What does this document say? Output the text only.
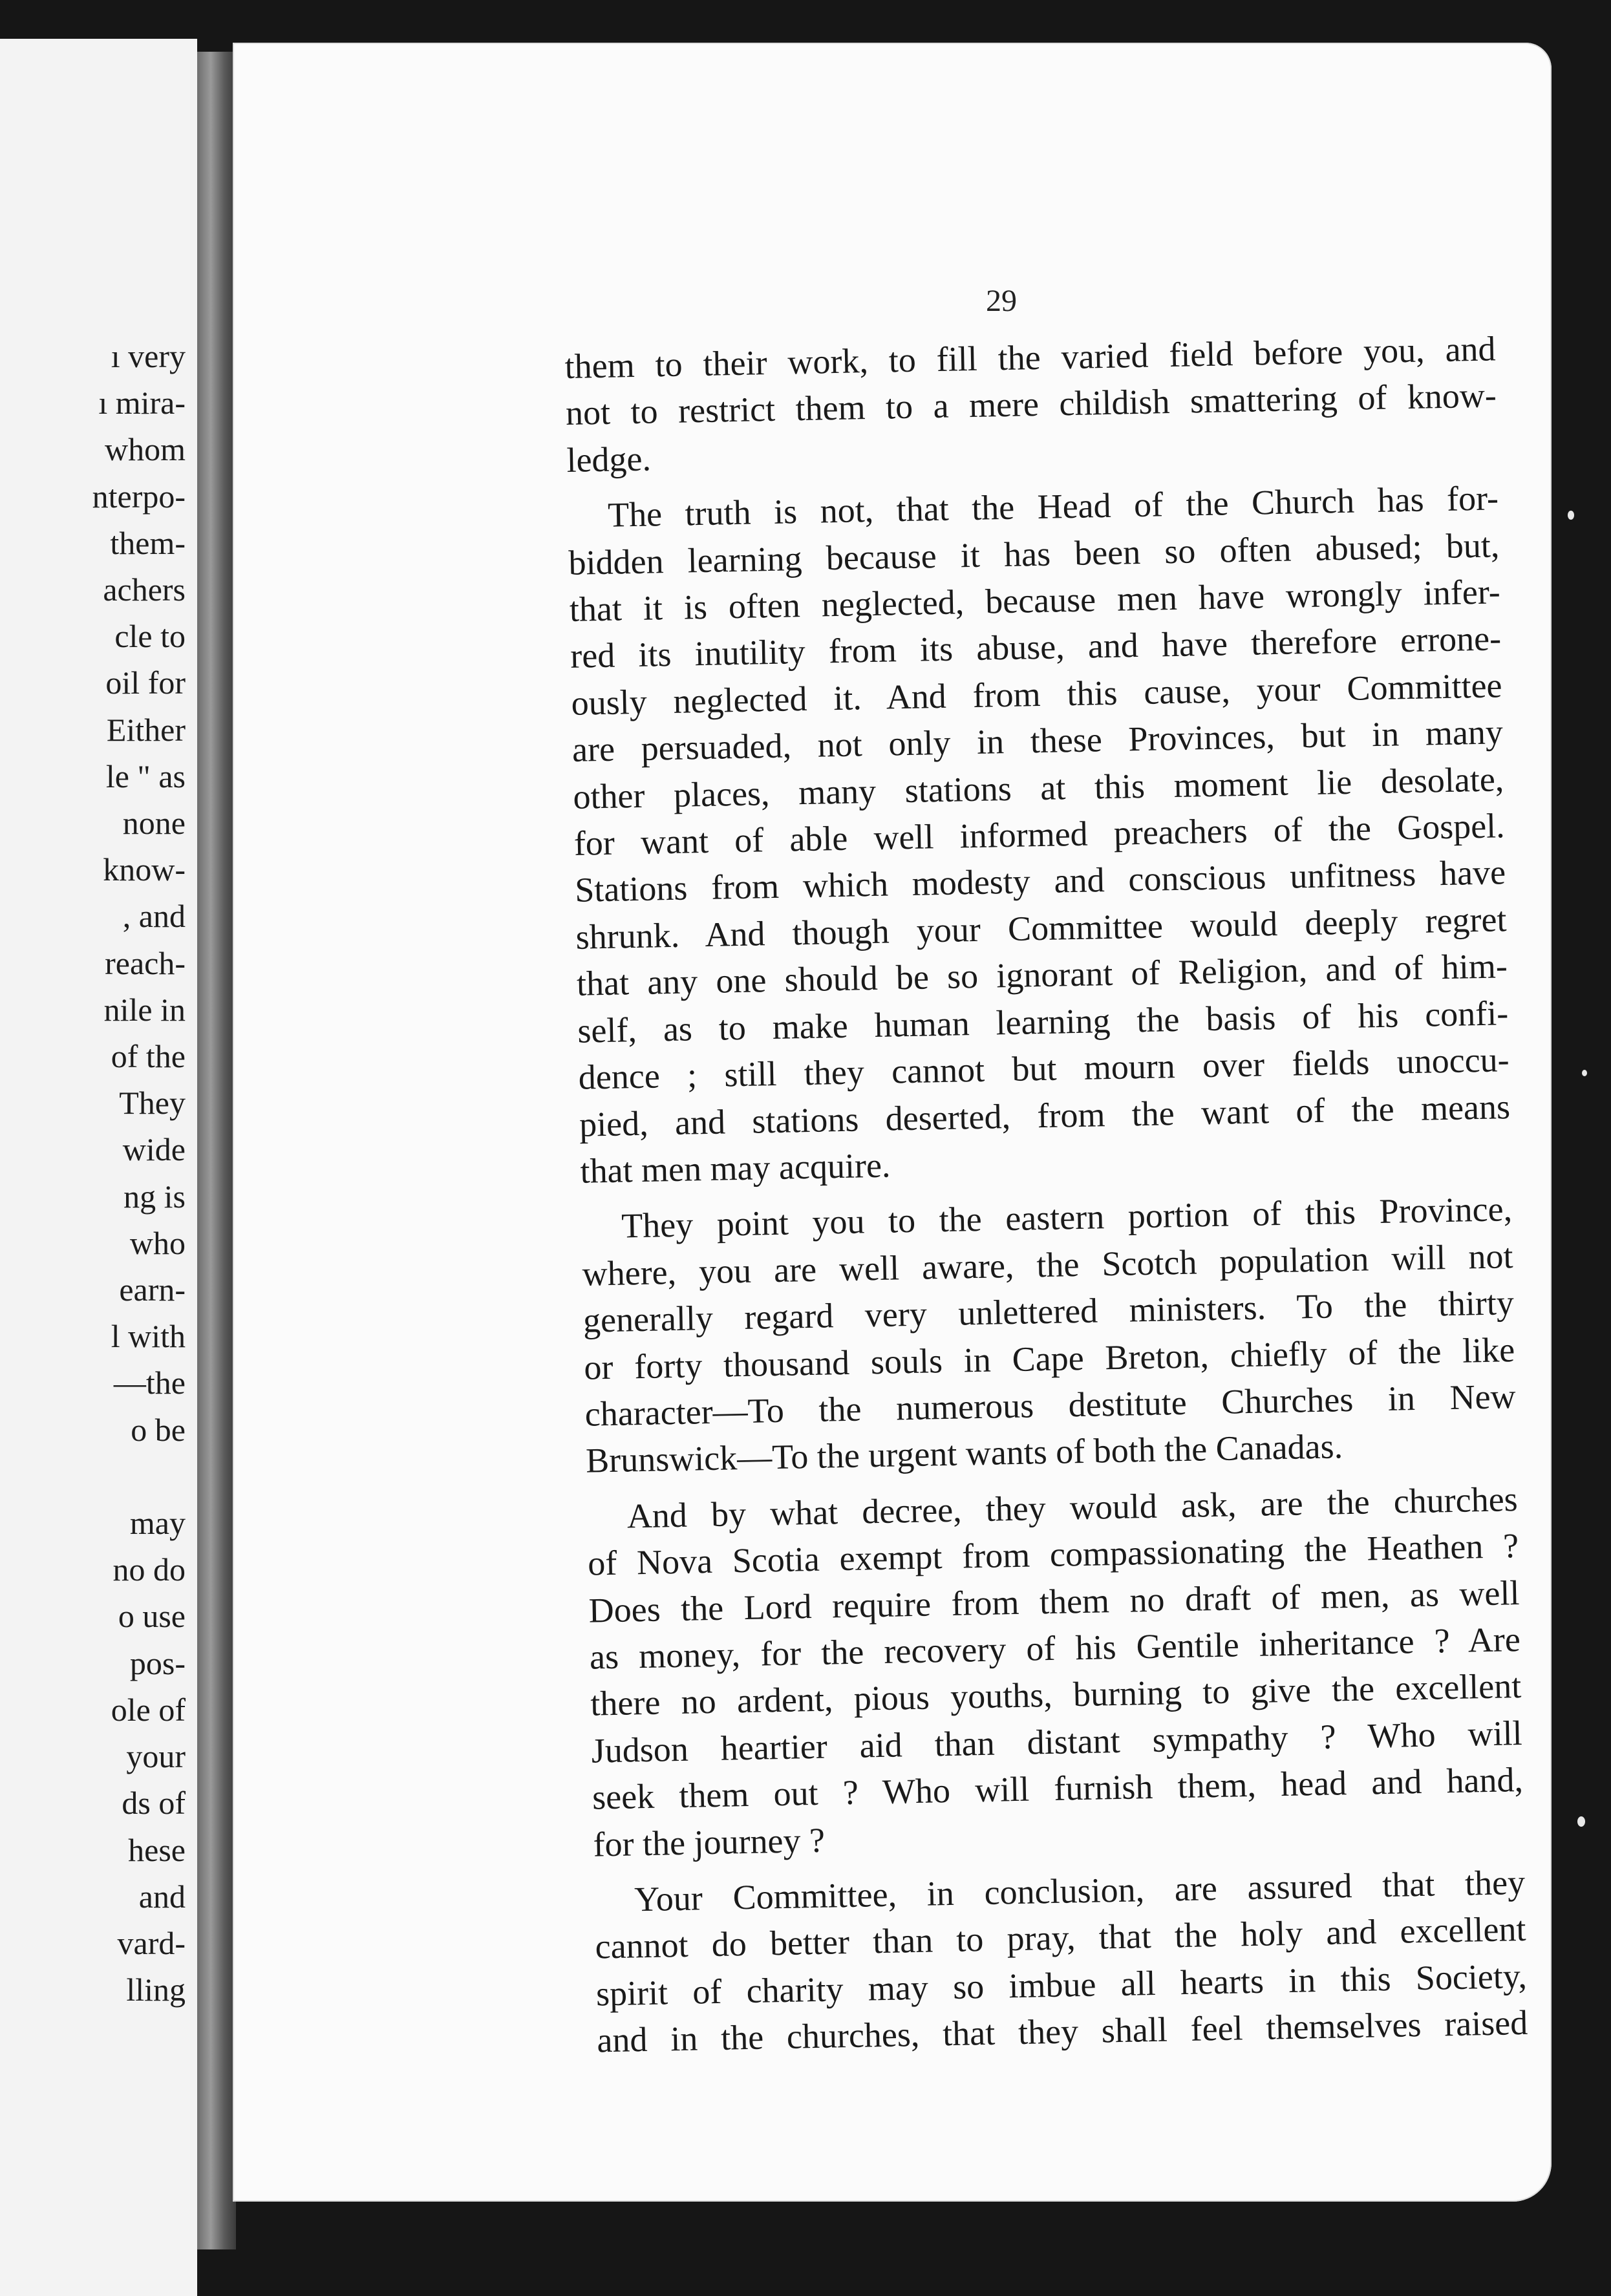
ı very
ı mira-
whom
nterpo-
them-
achers
cle to
oil for
Either
le " as
none
know-
, and
reach-
nile in
of the
They
wide
ng is
who
earn-
l with
—the
o be

may
no do
o use
pos-
ole of
your
ds of
hese
and
vard-
lling
29
them to their work, to fill the varied field before you, and
not to restrict them to a mere childish smattering of know-
ledge.
The truth is not, that the Head of the Church has for-
bidden learning because it has been so often abused; but,
that it is often neglected, because men have wrongly infer-
red its inutility from its abuse, and have therefore errone-
ously neglected it. And from this cause, your Committee
are persuaded, not only in these Provinces, but in many
other places, many stations at this moment lie desolate,
for want of able well informed preachers of the Gospel.
Stations from which modesty and conscious unfitness have
shrunk. And though your Committee would deeply regret
that any one should be so ignorant of Religion, and of him-
self, as to make human learning the basis of his confi-
dence ; still they cannot but mourn over fields unoccu-
pied, and stations deserted, from the want of the means
that men may acquire.
They point you to the eastern portion of this Province,
where, you are well aware, the Scotch population will not
generally regard very unlettered ministers. To the thirty
or forty thousand souls in Cape Breton, chiefly of the like
character—To the numerous destitute Churches in New
Brunswick—To the urgent wants of both the Canadas.
And by what decree, they would ask, are the churches
of Nova Scotia exempt from compassionating the Heathen ?
Does the Lord require from them no draft of men, as well
as money, for the recovery of his Gentile inheritance ? Are
there no ardent, pious youths, burning to give the excellent
Judson heartier aid than distant sympathy ? Who will
seek them out ? Who will furnish them, head and hand,
for the journey ?
Your Committee, in conclusion, are assured that they
cannot do better than to pray, that the holy and excellent
spirit of charity may so imbue all hearts in this Society,
and in the churches, that they shall feel themselves raised
